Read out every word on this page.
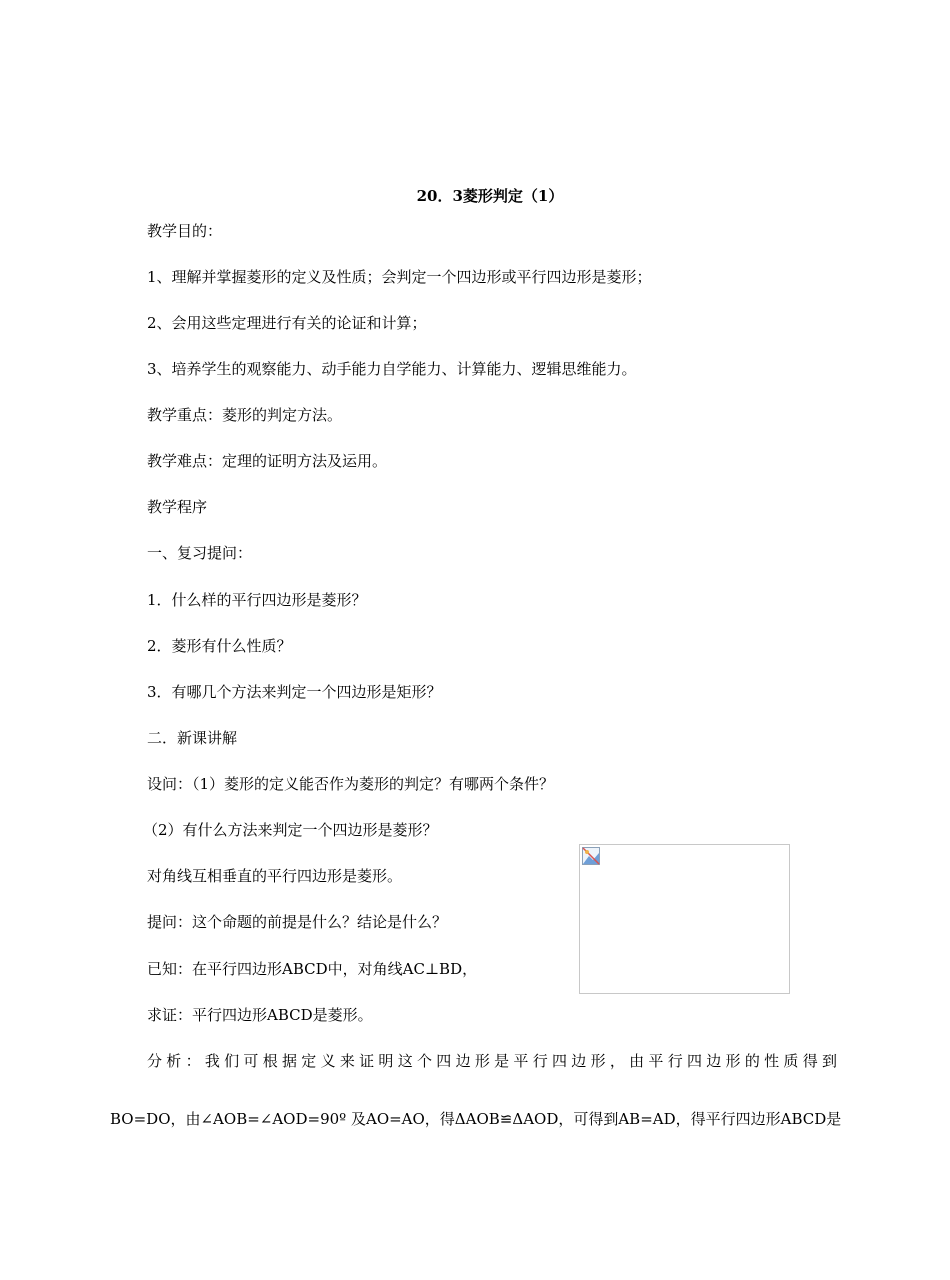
20．3菱形判定（1）
教学目的：
1、理解并掌握菱形的定义及性质；会判定一个四边形或平行四边形是菱形；
2、会用这些定理进行有关的论证和计算；
3、培养学生的观察能力、动手能力自学能力、计算能力、逻辑思维能力。
教学重点：菱形的判定方法。
教学难点：定理的证明方法及运用。
教学程序
一、复习提问：
1．什么样的平行四边形是菱形？
2．菱形有什么性质？
3．有哪几个方法来判定一个四边形是矩形？
二．新课讲解
设问：（1）菱形的定义能否作为菱形的判定？有哪两个条件？
（2）有什么方法来判定一个四边形是菱形？
对角线互相垂直的平行四边形是菱形。
提问：这个命题的前提是什么？结论是什么？
已知：在平行四边形ABCD中，对角线AC⊥BD，
求证：平行四边形ABCD是菱形。
分析：我们可根据定义来证明这个四边形是平行四边形，由平行四边形的性质得到
BO=DO，由∠AOB=∠AOD=90º 及AO=AO，得ΔAOB≌ΔAOD，可得到AB=AD，得平行四边形ABCD是
